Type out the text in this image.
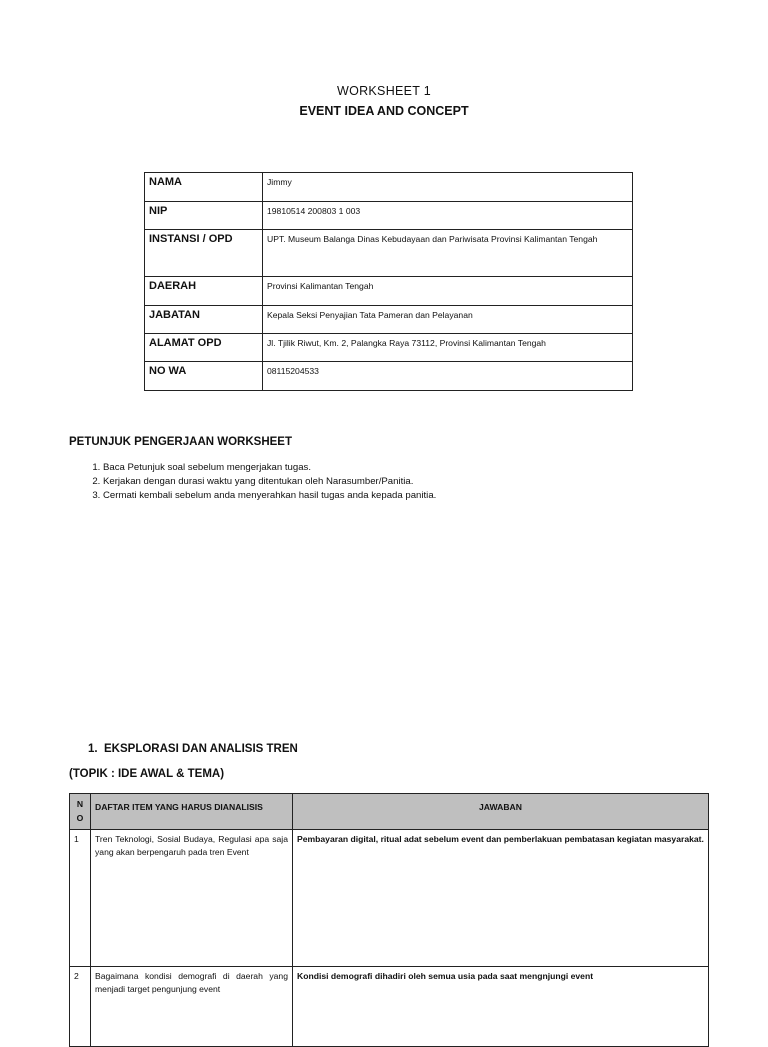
WORKSHEET 1
EVENT IDEA AND CONCEPT
NAMA	Jimmy
NIP	19810514 200803 1 003
INSTANSI / OPD	UPT. Museum Balanga Dinas Kebudayaan dan Pariwisata Provinsi Kalimantan Tengah
DAERAH	Provinsi Kalimantan Tengah
JABATAN	Kepala Seksi Penyajian Tata Pameran dan Pelayanan
ALAMAT OPD	Jl. Tjilik Riwut, Km. 2, Palangka Raya 73112, Provinsi Kalimantan Tengah
NO WA	08115204533
PETUNJUK PENGERJAAN WORKSHEET
1. Baca Petunjuk soal sebelum mengerjakan tugas.
2. Kerjakan dengan durasi waktu yang ditentukan oleh Narasumber/Panitia.
3. Cermati kembali sebelum anda menyerahkan hasil tugas anda kepada panitia.
1. EKSPLORASI DAN ANALISIS TREN
(TOPIK : IDE AWAL & TEMA)
NO	DAFTAR ITEM YANG HARUS DIANALISIS	JAWABAN
1	Tren Teknologi, Sosial Budaya, Regulasi apa saja yang akan berpengaruh pada tren Event	Pembayaran digital, ritual adat sebelum event dan pemberlakuan pembatasan kegiatan masyarakat.
2	Bagaimana kondisi demografi di daerah yang menjadi target pengunjung event	Kondisi demografi dihadiri oleh semua usia pada saat mengnjungi event
